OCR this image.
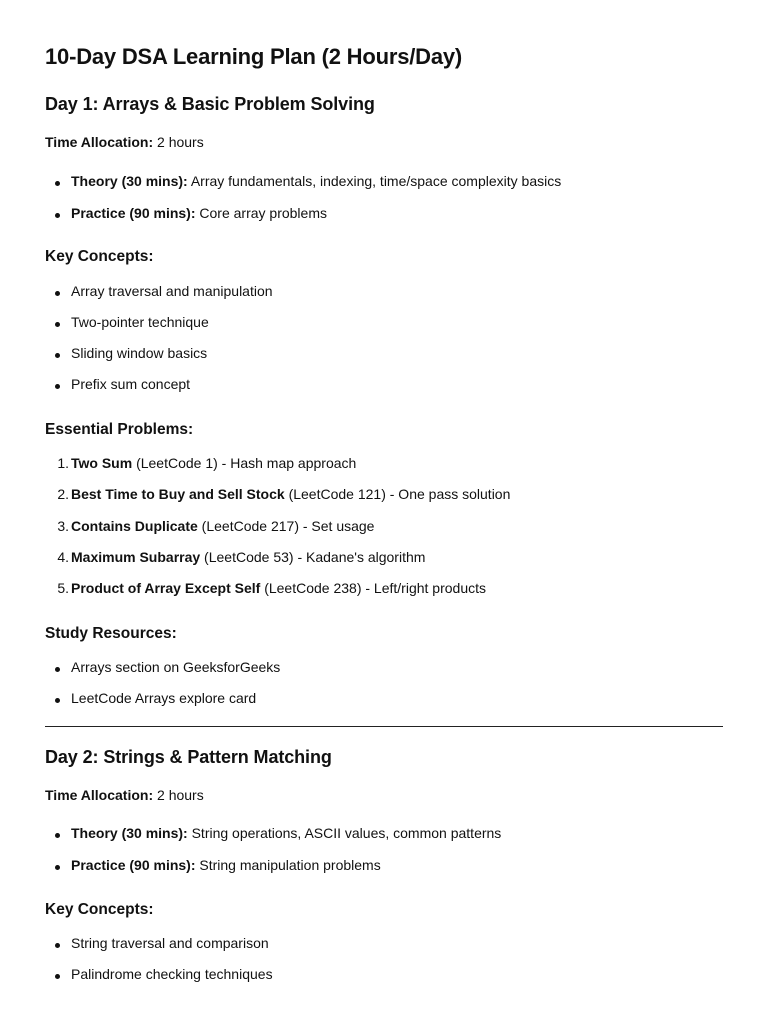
10-Day DSA Learning Plan (2 Hours/Day)
Day 1: Arrays & Basic Problem Solving
Time Allocation: 2 hours
Theory (30 mins): Array fundamentals, indexing, time/space complexity basics
Practice (90 mins): Core array problems
Key Concepts:
Array traversal and manipulation
Two-pointer technique
Sliding window basics
Prefix sum concept
Essential Problems:
1. Two Sum (LeetCode 1) - Hash map approach
2. Best Time to Buy and Sell Stock (LeetCode 121) - One pass solution
3. Contains Duplicate (LeetCode 217) - Set usage
4. Maximum Subarray (LeetCode 53) - Kadane's algorithm
5. Product of Array Except Self (LeetCode 238) - Left/right products
Study Resources:
Arrays section on GeeksforGeeks
LeetCode Arrays explore card
Day 2: Strings & Pattern Matching
Time Allocation: 2 hours
Theory (30 mins): String operations, ASCII values, common patterns
Practice (90 mins): String manipulation problems
Key Concepts:
String traversal and comparison
Palindrome checking techniques
